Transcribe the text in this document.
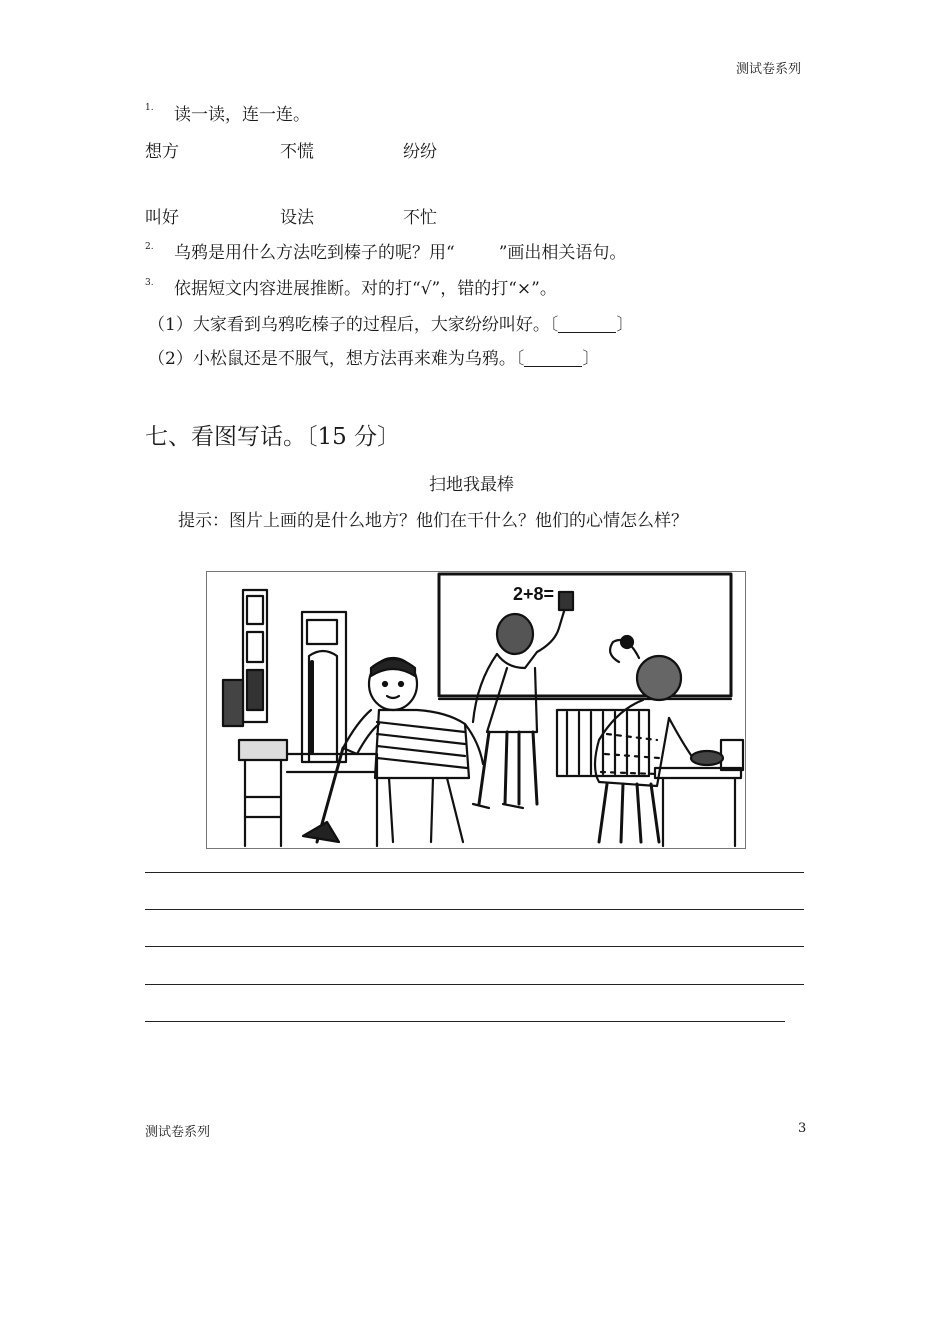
测试卷系列
1. 读一读，连一连。
想方	不慌	纷纷
叫好	设法	不忙
2. 乌鸦是用什么方法吃到榛子的呢？用“	”画出相关语句。
3. 依据短文内容进展推断。对的打“√”，错的打“×”。
（1）大家看到乌鸦吃榛子的过程后，大家纷纷叫好。〔	〕
（2）小松鼠还是不服气，想方法再来难为乌鸦。〔	〕
七、看图写话。〔15 分〕
扫地我最棒
提示：图片上画的是什么地方？他们在干什么？他们的心情怎么样？
2+8=
测试卷系列	3
